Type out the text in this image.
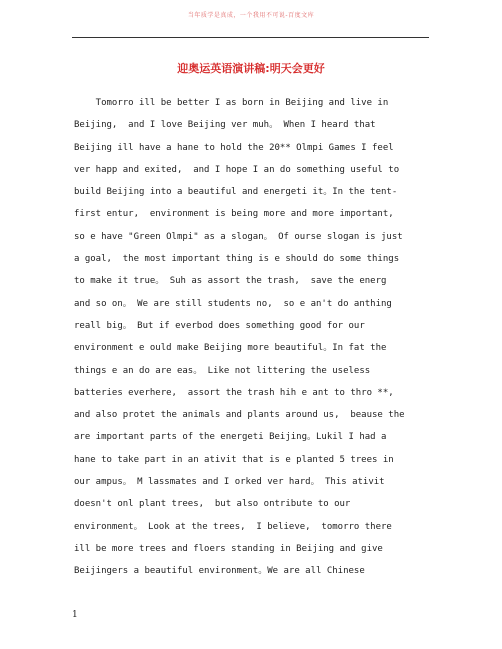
当年质学是真成，一个我用不可说-百度文库
迎奥运英语演讲稿:明天会更好
Tomorro ill be better I as born in Beijing and live in
Beijing,  and I love Beijing ver muh。 When I heard that
Beijing ill have a hane to hold the 20** Olmpi Games I feel
ver happ and exited,  and I hope I an do something useful to
build Beijing into a beautiful and energeti it。In the tent-
first entur,  environment is being more and more important,
so e have "Green Olmpi" as a slogan。 Of ourse slogan is just
a goal,  the most important thing is e should do some things
to make it true。 Suh as assort the trash,  save the energ
and so on。 We are still students no,  so e an't do anthing
reall big。 But if everbod does something good for our
environment e ould make Beijing more beautiful。In fat the
things e an do are eas。 Like not littering the useless
batteries everhere,  assort the trash hih e ant to thro **,
and also protet the animals and plants around us,  beause the
are important parts of the energeti Beijing。Lukil I had a
hane to take part in an ativit that is e planted 5 trees in
our ampus。 M lassmates and I orked ver hard。 This ativit
doesn't onl plant trees,  but also ontribute to our
environment。 Look at the trees,  I believe,  tomorro there
ill be more trees and floers standing in Beijing and give
Beijingers a beautiful environment。We are all Chinese
1
